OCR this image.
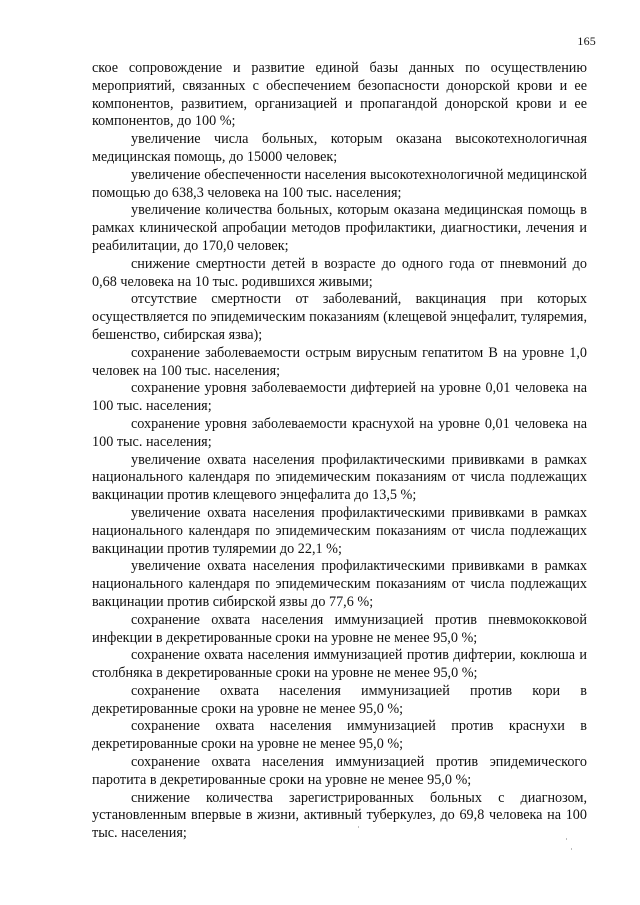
165

ское сопровождение и развитие единой базы данных по осуществлению мероприятий, связанных с обеспечением безопасности донорской крови и ее компонентов, развитием, организацией и пропагандой донорской крови и ее компонентов, до 100 %;

увеличение числа больных, которым оказана высокотехнологичная медицинская помощь, до 15000 человек;

увеличение обеспеченности населения высокотехнологичной медицинской помощью до 638,3 человека на 100 тыс. населения;

увеличение количества больных, которым оказана медицинская помощь в рамках клинической апробации методов профилактики, диагностики, лечения и реабилитации, до 170,0 человек;

снижение смертности детей в возрасте до одного года от пневмоний до 0,68 человека на 10 тыс. родившихся живыми;

отсутствие смертности от заболеваний, вакцинация при которых осуществляется по эпидемическим показаниям (клещевой энцефалит, туляремия, бешенство, сибирская язва);

сохранение заболеваемости острым вирусным гепатитом В на уровне 1,0 человек на 100 тыс. населения;

сохранение уровня заболеваемости дифтерией на уровне 0,01 человека на 100 тыс. населения;

сохранение уровня заболеваемости краснухой на уровне 0,01 человека на 100 тыс. населения;

увеличение охвата населения профилактическими прививками в рамках национального календаря по эпидемическим показаниям от числа подлежащих вакцинации против клещевого энцефалита до 13,5 %;

увеличение охвата населения профилактическими прививками в рамках национального календаря по эпидемическим показаниям от числа подлежащих вакцинации против туляремии до 22,1 %;

увеличение охвата населения профилактическими прививками в рамках национального календаря по эпидемическим показаниям от числа подлежащих вакцинации против сибирской язвы до 77,6 %;

сохранение охвата населения иммунизацией против пневмококковой инфекции в декретированные сроки на уровне не менее 95,0 %;

сохранение охвата населения иммунизацией против дифтерии, коклюша и столбняка в декретированные сроки на уровне не менее 95,0 %;

сохранение охвата населения иммунизацией против кори в декретированные сроки на уровне не менее 95,0 %;

сохранение охвата населения иммунизацией против краснухи в декретированные сроки на уровне не менее 95,0 %;

сохранение охвата населения иммунизацией против эпидемического паротита в декретированные сроки на уровне не менее 95,0 %;

снижение количества зарегистрированных больных с диагнозом, установленным впервые в жизни, активный туберкулез, до 69,8 человека на 100 тыс. населения;
